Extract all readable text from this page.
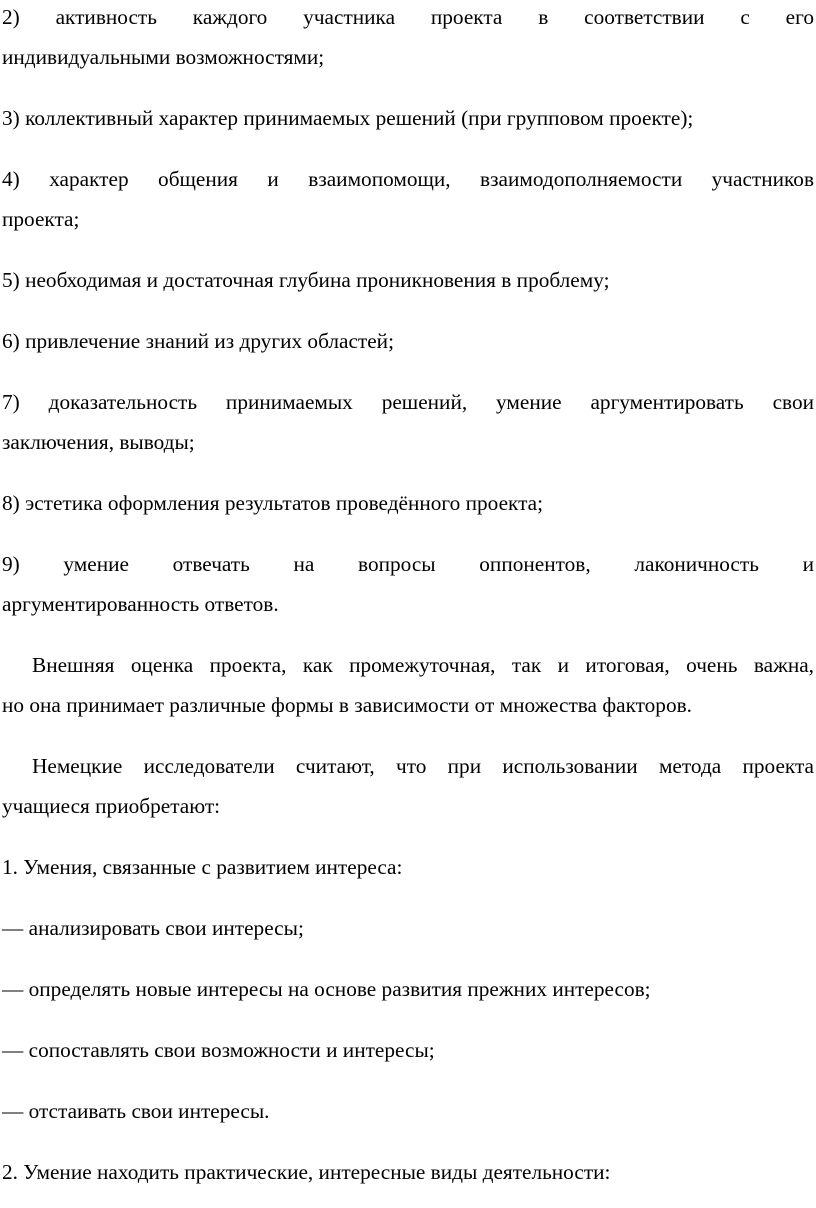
2) активность каждого участника проекта в соответствии с его
индивидуальными возможностями;
3) коллективный характер принимаемых решений (при групповом проекте);
4) характер общения и взаимопомощи, взаимодополняемости участников
проекта;
5) необходимая и достаточная глубина проникновения в проблему;
6) привлечение знаний из других областей;
7) доказательность принимаемых решений, умение аргументировать свои
заключения, выводы;
8) эстетика оформления результатов проведённого проекта;
9) умение отвечать на вопросы оппонентов, лаконичность и
аргументированность ответов.
Внешняя оценка проекта, как промежуточная, так и итоговая, очень важна,
но она принимает различные формы в зависимости от множества факторов.
Немецкие исследователи считают, что при использовании метода проекта
учащиеся приобретают:
1. Умения, связанные с развитием интереса:
— анализировать свои интересы;
— определять новые интересы на основе развития прежних интересов;
— сопоставлять свои возможности и интересы;
— отстаивать свои интересы.
2. Умение находить практические, интересные виды деятельности:
